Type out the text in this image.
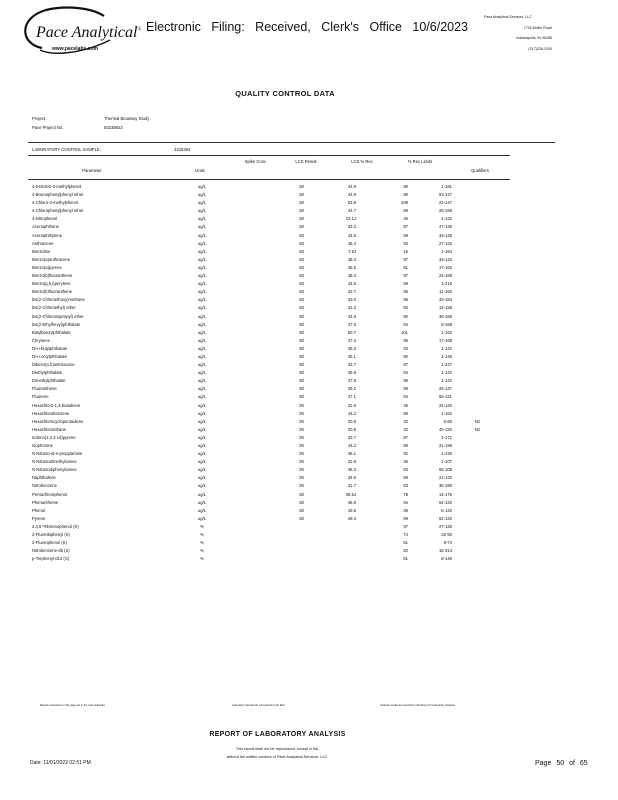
Pace Analytical®
www.pacelabs.com
Electronic Filing: Received, Clerk's Office 10/6/2023
Pace Analytical Services, LLC
7726 Moller Road
Indianapolis, IN 46268
(317)228-3100
QUALITY CONTROL DATA
Project:	Thermal Bioassay Study
Pace Project No.:	50238923
LABORATORY CONTROL SAMPLE:	3226364
Parameter	Units
Spike Conc.	LCS Result	LCS % Rec	% Rec Limits
Qualifiers
4,6-Dinitro-2-methylphenol	ug/L	50	44.8	90	1-181	
4-Bromophenylphenyl ether	ug/L	50	44.9	90	53-127	
4-Chloro-3-methylphenol	ug/L	50	53.8	108	22-147	
4-Chlorophenylphenyl ether	ug/L	50	44.7	89	25-158	
4-Nitrophenol	ug/L	50	23.1J	46	1-132	
Acenaphthene	ug/L	50	43.3	87	47-145	
Acenaphthylene	ug/L	50	44.5	89	33-145	
Anthracene	ug/L	50	46.4	93	27-133	
Benzidine	ug/L	50	7.8J	16	1-164	
Benzo(a)anthracene	ug/L	50	48.4	97	33-143	
Benzo(a)pyrene	ug/L	50	45.5	91	17-163	
Benzo(b)fluoranthene	ug/L	50	48.4	97	24-159	
Benzo(g,h,i)perylene	ug/L	50	44.5	89	1-219	
Benzo(k)fluoranthene	ug/L	50	42.7	85	11-162	
bis(2-Chloroethoxy)methane	ug/L	50	43.0	86	33-184	
bis(2-Chloroethyl) ether	ug/L	50	41.2	82	12-158	
bis(2-Chloroisopropyl) ether	ug/L	50	44.9	90	36-166	
bis(2-Ethylhexyl)phthalate	ug/L	50	47.0	94	8-158	
Butylbenzylphthalate	ug/L	50	50.7	101	1-152	
Chrysene	ug/L	50	47.4	95	17-168	
Di-n-butylphthalate	ug/L	50	46.3	93	1-120	
Di-n-octylphthalate	ug/L	50	45.1	90	4-146	
Dibenz(a,h)anthracene	ug/L	50	43.7	87	1-227	
Diethylphthalate	ug/L	50	46.9	94	1-120	
Dimethylphthalate	ug/L	50	47.8	96	1-120	
Fluoranthene	ug/L	50	49.2	98	26-137	
Fluorene	ug/L	50	47.1	94	59-121	
Hexachloro-1,3-butadiene	ug/L	50	22.6	45	24-120	
Hexachlorobenzene	ug/L	50	44.2	88	1-152	
Hexachlorocyclopentadiene	ug/L	50	20.8	42	5-60	N2
Hexachloroethane	ug/L	50	20.9	42	40-120	N2
Indeno(1,2,3-cd)pyrene	ug/L	50	43.7	87	1-171	
Isophorone	ug/L	50	44.2	88	21-196	
N-Nitroso-di-n-propylamine	ug/L	50	46.1	92	1-230	
N-Nitrosodimethylamine	ug/L	50	22.8	46	1-107	
N-Nitrosodiphenylamine	ug/L	50	46.3	93	65-108	
Naphthalene	ug/L	50	34.6	69	21-133	
Nitrobenzene	ug/L	50	41.7	83	35-180	
Pentachlorophenol	ug/L	50	38.5J	78	14-176	
Phenanthrene	ug/L	50	46.9	94	54-120	
Phenol	ug/L	50	19.6	39	5-120	
Pyrene	ug/L	50	49.4	99	52-120	
2,4,6-Tribromophenol (S)	%			97	27-125	
2-Fluorobiphenyl (S)	%			74	32-92	
2-Fluorophenol (S)	%			51	9-74	
Nitrobenzene-d5 (S)	%			82	15-314	
p-Terphenyl-d14 (S)	%			81	8-146	
Results presented on this page are in the units indicated	Laboratory Sample Ids correspond to the field	Analysis results are reported in the Report of Laboratory Analysis
REPORT OF LABORATORY ANALYSIS
This report shall not be reproduced, except in full,
without the written consent of Pace Analytical Services, LLC.
Date: 11/01/2022 02:51 PM	Page 50 of 65
